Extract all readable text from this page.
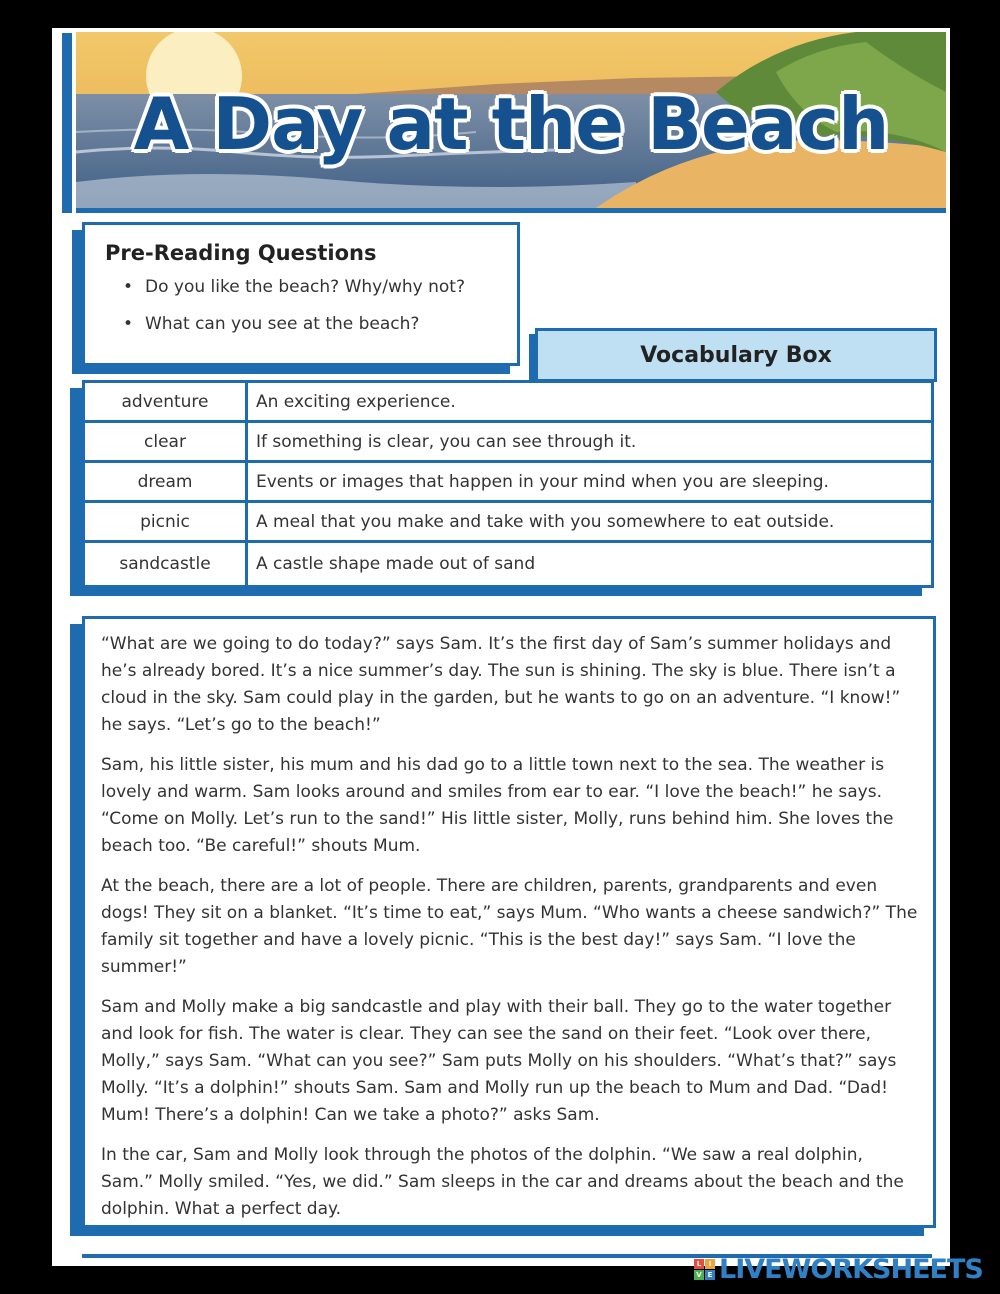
A Day at the Beach
Pre-Reading Questions
• Do you like the beach? Why/why not?
• What can you see at the beach?
Vocabulary Box
adventure	An exciting experience.
clear	If something is clear, you can see through it.
dream	Events or images that happen in your mind when you are sleeping.
picnic	A meal that you make and take with you somewhere to eat outside.
sandcastle	A castle shape made out of sand

“What are we going to do today?” says Sam. It’s the first day of Sam’s summer holidays and he’s already bored. It’s a nice summer’s day. The sun is shining. The sky is blue. There isn’t a cloud in the sky. Sam could play in the garden, but he wants to go on an adventure. “I know!” he says. “Let’s go to the beach!”

Sam, his little sister, his mum and his dad go to a little town next to the sea. The weather is lovely and warm. Sam looks around and smiles from ear to ear. “I love the beach!” he says. “Come on Molly. Let’s run to the sand!” His little sister, Molly, runs behind him. She loves the beach too. “Be careful!” shouts Mum.

At the beach, there are a lot of people. There are children, parents, grandparents and even dogs! They sit on a blanket. “It’s time to eat,” says Mum. “Who wants a cheese sandwich?” The family sit together and have a lovely picnic. “This is the best day!” says Sam. “I love the summer!”

Sam and Molly make a big sandcastle and play with their ball. They go to the water together and look for fish. The water is clear. They can see the sand on their feet. “Look over there, Molly,” says Sam. “What can you see?” Sam puts Molly on his shoulders. “What’s that?” says Molly. “It’s a dolphin!” shouts Sam. Sam and Molly run up the beach to Mum and Dad. “Dad! Mum! There’s a dolphin! Can we take a photo?” asks Sam.

In the car, Sam and Molly look through the photos of the dolphin. “We saw a real dolphin, Sam.” Molly smiled. “Yes, we did.” Sam sleeps in the car and dreams about the beach and the dolphin. What a perfect day.

L	I
V E LIVEWORKSHEETS
